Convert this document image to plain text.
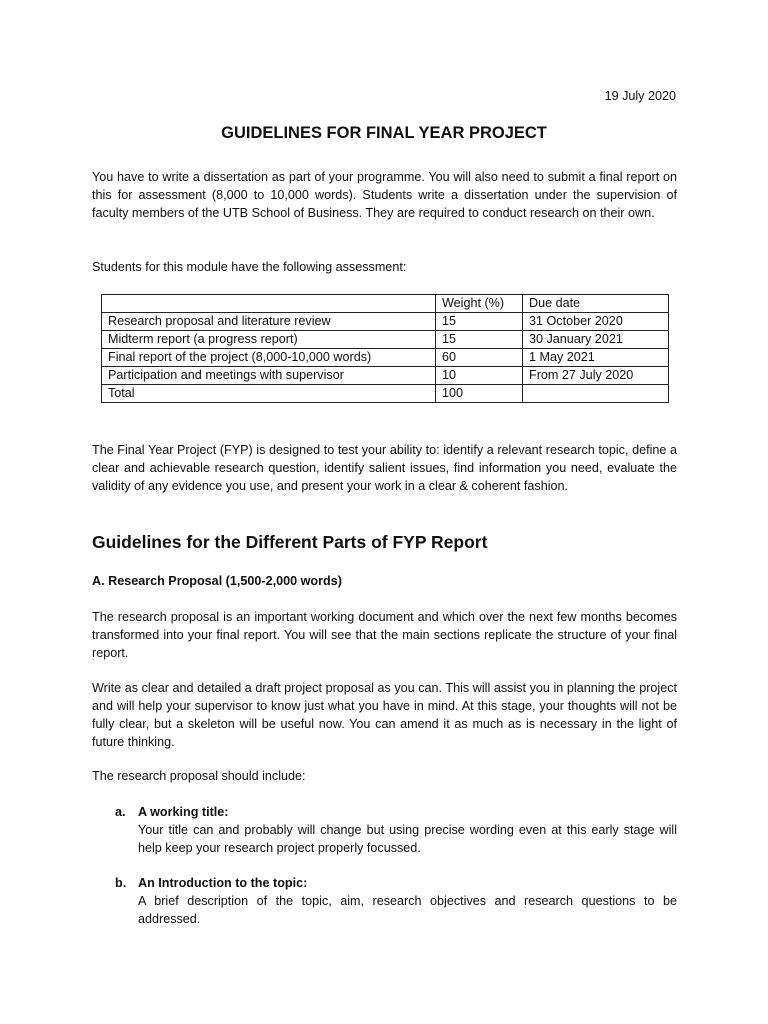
19 July 2020
GUIDELINES FOR FINAL YEAR PROJECT
You have to write a dissertation as part of your programme. You will also need to submit a final report on this for assessment (8,000 to 10,000 words). Students write a dissertation under the supervision of faculty members of the UTB School of Business. They are required to conduct research on their own.
Students for this module have the following assessment:
	Weight (%)	Due date
Research proposal and literature review	15	31 October 2020
Midterm report (a progress report)	15	30 January 2021
Final report of the project (8,000-10,000 words)	60	1 May 2021
Participation and meetings with supervisor	10	From 27 July 2020
Total	100	
The Final Year Project (FYP) is designed to test your ability to: identify a relevant research topic, define a clear and achievable research question, identify salient issues, find information you need, evaluate the validity of any evidence you use, and present your work in a clear & coherent fashion.
Guidelines for the Different Parts of FYP Report
A. Research Proposal (1,500-2,000 words)
The research proposal is an important working document and which over the next few months becomes transformed into your final report. You will see that the main sections replicate the structure of your final report.
Write as clear and detailed a draft project proposal as you can. This will assist you in planning the project and will help your supervisor to know just what you have in mind. At this stage, your thoughts will not be fully clear, but a skeleton will be useful now. You can amend it as much as is necessary in the light of future thinking.
The research proposal should include:
a. A working title:
Your title can and probably will change but using precise wording even at this early stage will help keep your research project properly focussed.
b. An Introduction to the topic:
A brief description of the topic, aim, research objectives and research questions to be addressed.
